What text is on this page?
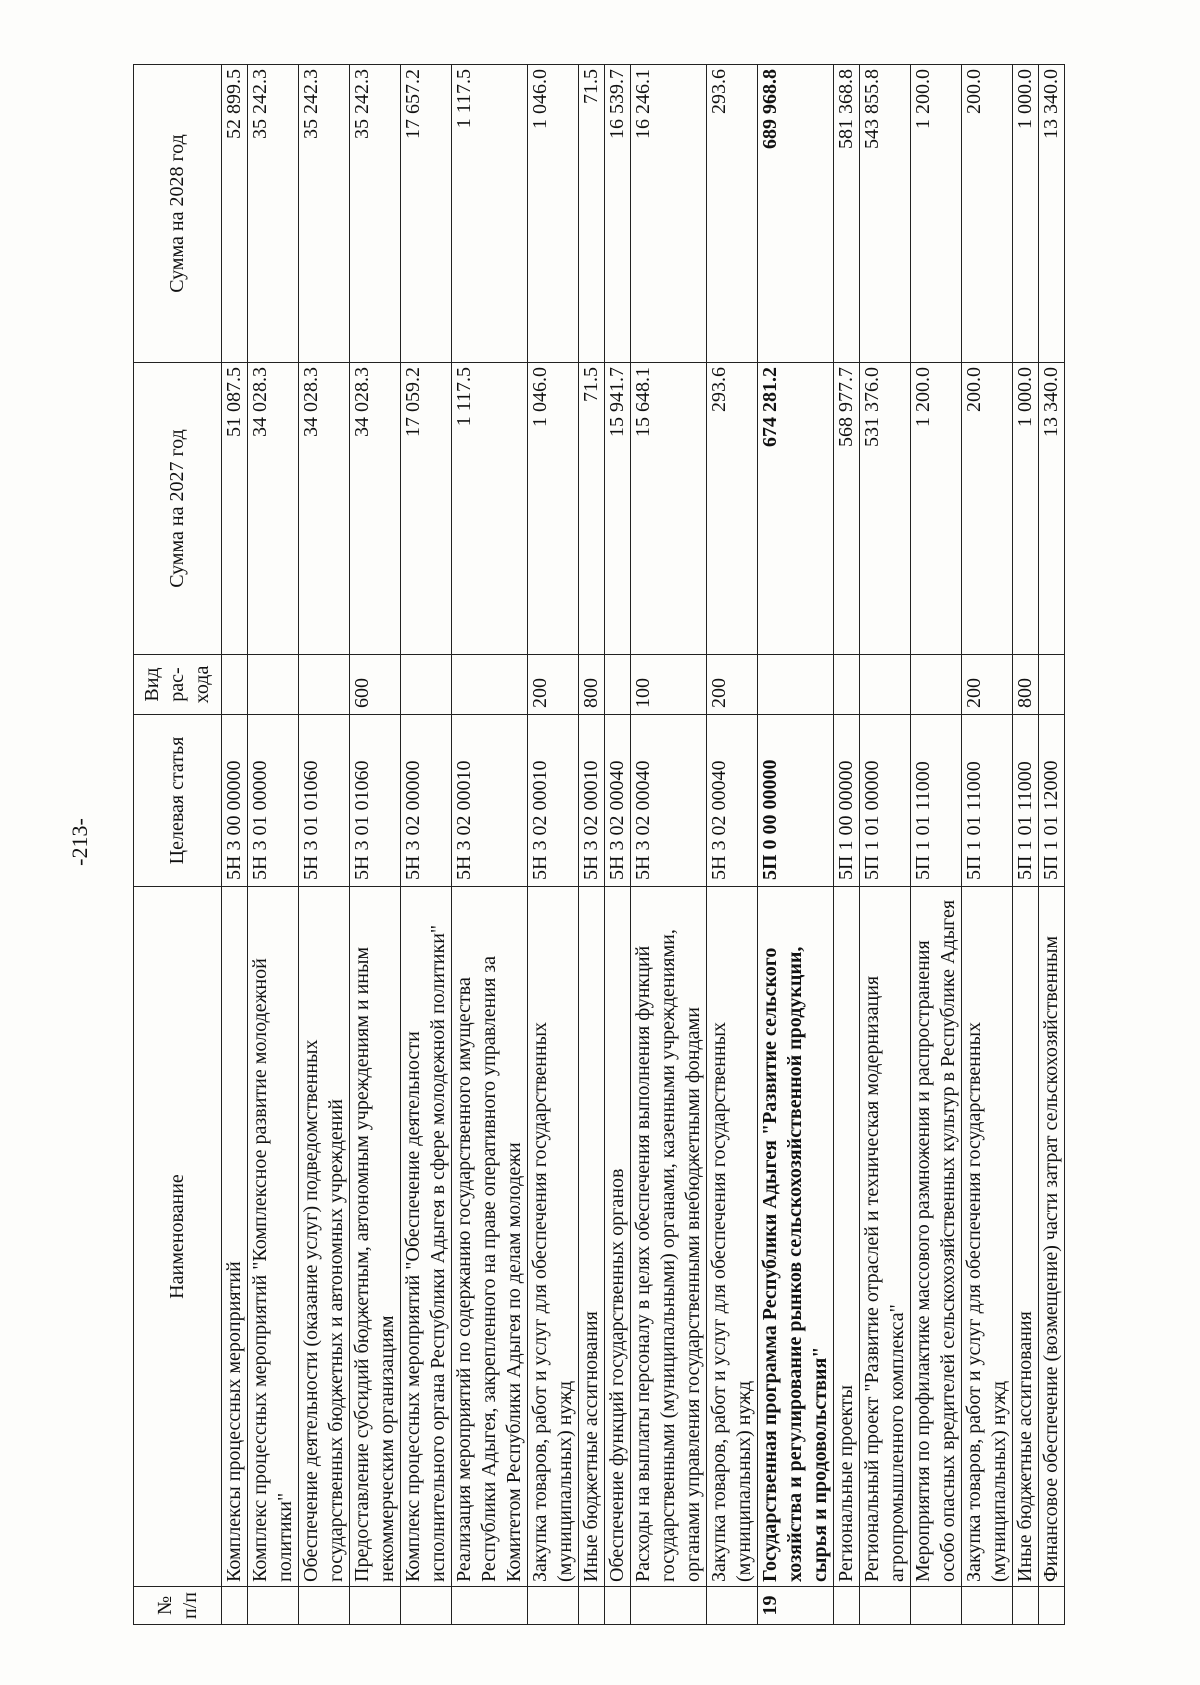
-213-
№ п/п	Наименование	Целевая статья	Вид рас-хода	Сумма на 2027 год	Сумма на 2028 год
	Комплексы процессных мероприятий	5Н 3 00 00000		51 087.5	52 899.5
	Комплекс процессных мероприятий "Комплексное развитие молодежной политики"	5Н 3 01 00000		34 028.3	35 242.3
	Обеспечение деятельности (оказание услуг) подведомственных государственных бюджетных и автономных учреждений	5Н 3 01 01060		34 028.3	35 242.3
	Предоставление субсидий бюджетным, автономным учреждениям и иным некоммерческим организациям	5Н 3 01 01060	600	34 028.3	35 242.3
	Комплекс процессных мероприятий "Обеспечение деятельности исполнительного органа Республики Адыгея в сфере молодежной политики"	5Н 3 02 00000		17 059.2	17 657.2
	Реализация мероприятий по содержанию государственного имущества Республики Адыгея, закрепленного на праве оперативного управления за Комитетом Республики Адыгея по делам молодежи	5Н 3 02 00010		1 117.5	1 117.5
	Закупка товаров, работ и услуг для обеспечения государственных (муниципальных) нужд	5Н 3 02 00010	200	1 046.0	1 046.0
	Иные бюджетные ассигнования	5Н 3 02 00010	800	71.5	71.5
	Обеспечение функций государственных органов	5Н 3 02 00040		15 941.7	16 539.7
	Расходы на выплаты персоналу в целях обеспечения выполнения функций государственными (муниципальными) органами, казенными учреждениями, органами управления государственными внебюджетными фондами	5Н 3 02 00040	100	15 648.1	16 246.1
	Закупка товаров, работ и услуг для обеспечения государственных (муниципальных) нужд	5Н 3 02 00040	200	293.6	293.6
19	Государственная программа Республики Адыгея "Развитие сельского хозяйства и регулирование рынков сельскохозяйственной продукции, сырья и продовольствия"	5П 0 00 00000		674 281.2	689 968.8
	Региональные проекты	5П 1 00 00000		568 977.7	581 368.8
	Региональный проект "Развитие отраслей и техническая модернизация агропромышленного комплекса"	5П 1 01 00000		531 376.0	543 855.8
	Мероприятия по профилактике массового размножения и распространения особо опасных вредителей сельскохозяйственных культур в Республике Адыгея	5П 1 01 11000		1 200.0	1 200.0
	Закупка товаров, работ и услуг для обеспечения государственных (муниципальных) нужд	5П 1 01 11000	200	200.0	200.0
	Иные бюджетные ассигнования	5П 1 01 11000	800	1 000.0	1 000.0
	Финансовое обеспечение (возмещение) части затрат сельскохозяйственным	5П 1 01 12000		13 340.0	13 340.0
